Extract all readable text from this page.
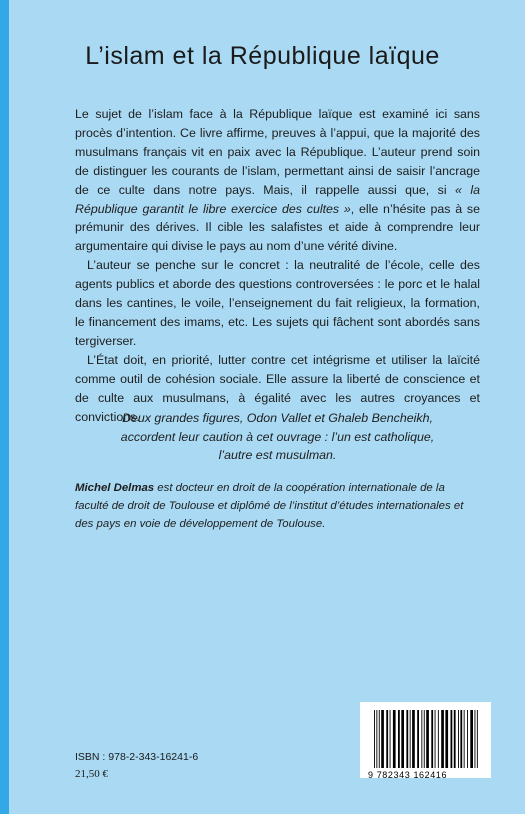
L’islam et la République laïque

Le sujet de l’islam face à la République laïque est examiné ici sans procès d’intention. Ce livre affirme, preuves à l’appui, que la majorité des musulmans français vit en paix avec la République. L’auteur prend soin de distinguer les courants de l’islam, permettant ainsi de saisir l’ancrage de ce culte dans notre pays. Mais, il rappelle aussi que, si « la République garantit le libre exercice des cultes », elle n’hésite pas à se prémunir des dérives. Il cible les salafistes et aide à comprendre leur argumentaire qui divise le pays au nom d’une vérité divine.

L’auteur se penche sur le concret : la neutralité de l’école, celle des agents publics et aborde des questions controversées : le porc et le halal dans les cantines, le voile, l’enseignement du fait religieux, la formation, le financement des imams, etc. Les sujets qui fâchent sont abordés sans tergiverser.

L’État doit, en priorité, lutter contre cet intégrisme et utiliser la laïcité comme outil de cohésion sociale. Elle assure la liberté de conscience et de culte aux musulmans, à égalité avec les autres croyances et convictions.

Deux grandes figures, Odon Vallet et Ghaleb Bencheikh,
accordent leur caution à cet ouvrage : l’un est catholique,
l’autre est musulman.
Michel Delmas est docteur en droit de la coopération internationale de la faculté de droit de Toulouse et diplômé de l’institut d’études internationales et des pays en voie de développement de Toulouse.
ISBN : 978-2-343-16241-6
21,50 €	9 782343 162416
